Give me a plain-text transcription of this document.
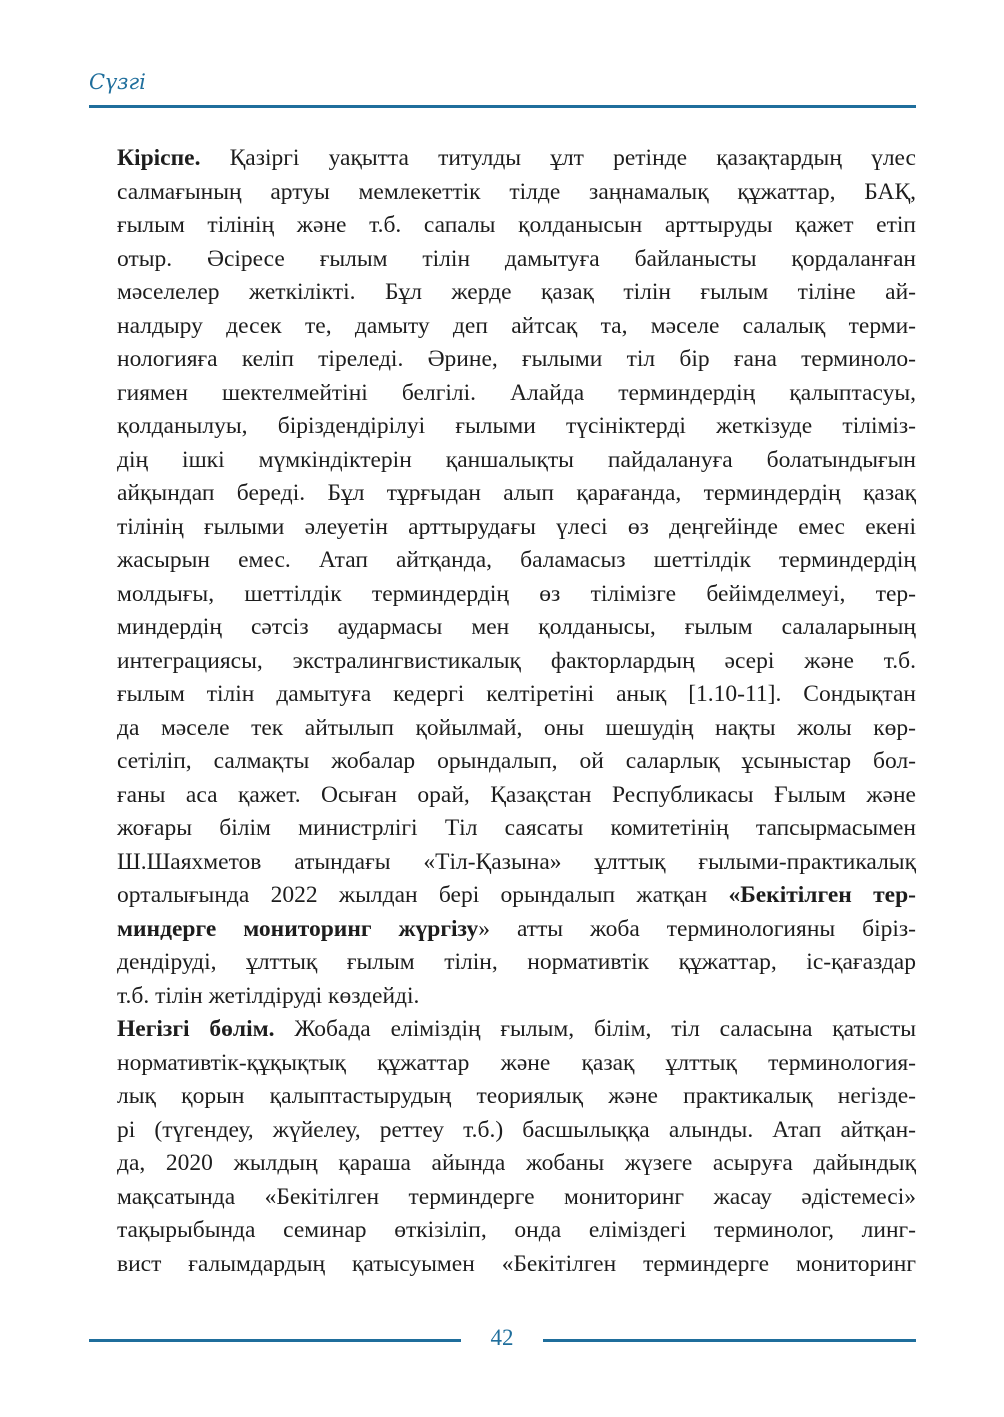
Сүзгі
Кіріспе. Қазіргі уақытта титулды ұлт ретінде қазақтардың үлес
салмағының артуы мемлекеттік тілде заңнамалық құжаттар, БАҚ,
ғылым тілінің және т.б. сапалы қолданысын арттыруды қажет етіп
отыр. Әсіресе ғылым тілін дамытуға байланысты қордаланған
мәселелер жеткілікті. Бұл жерде қазақ тілін ғылым тіліне ай-
налдыру десек те, дамыту деп айтсақ та, мәселе салалық терми-
нологияға келіп тіреледі. Әрине, ғылыми тіл бір ғана терминоло-
гиямен шектелмейтіні белгілі. Алайда терминдердің қалыптасуы,
қолданылуы, біріздендірілуі ғылыми түсініктерді жеткізуде тіліміз-
дің ішкі мүмкіндіктерін қаншалықты пайдалануға болатындығын
айқындап береді. Бұл тұрғыдан алып қарағанда, терминдердің қазақ
тілінің ғылыми әлеуетін арттырудағы үлесі өз деңгейінде емес екені
жасырын емес. Атап айтқанда, баламасыз шеттілдік терминдердің
молдығы, шеттілдік терминдердің өз тілімізге бейімделмеуі, тер-
миндердің сәтсіз аудармасы мен қолданысы, ғылым салаларының
интеграциясы, экстралингвистикалық факторлардың әсері және т.б.
ғылым тілін дамытуға кедергі келтіретіні анық [1.10-11]. Сондықтан
да мәселе тек айтылып қойылмай, оны шешудің нақты жолы көр-
сетіліп, салмақты жобалар орындалып, ой саларлық ұсыныстар бол-
ғаны аса қажет. Осыған орай, Қазақстан Республикасы Ғылым және
жоғары білім министрлігі Тіл саясаты комитетінің тапсырмасымен
Ш.Шаяхметов атындағы «Тіл-Қазына» ұлттық ғылыми-практикалық
орталығында 2022 жылдан бері орындалып жатқан «Бекітілген тер-
миндерге мониторинг жүргізу» атты жоба терминологияны біріз-
дендіруді, ұлттық ғылым тілін, нормативтік құжаттар, іс-қағаздар
т.б. тілін жетілдіруді көздейді.
Негізгі бөлім. Жобада еліміздің ғылым, білім, тіл саласына қатысты
нормативтік-құқықтық құжаттар және қазақ ұлттық терминология-
лық қорын қалыптастырудың теориялық және практикалық негізде-
рі (түгендеу, жүйелеу, реттеу т.б.) басшылыққа алынды. Атап айтқан-
да, 2020 жылдың қараша айында жобаны жүзеге асыруға дайындық
мақсатында «Бекітілген терминдерге мониторинг жасау әдістемесі»
тақырыбында семинар өткізіліп, онда еліміздегі терминолог, линг-
вист ғалымдардың қатысуымен «Бекітілген терминдерге мониторинг
42
